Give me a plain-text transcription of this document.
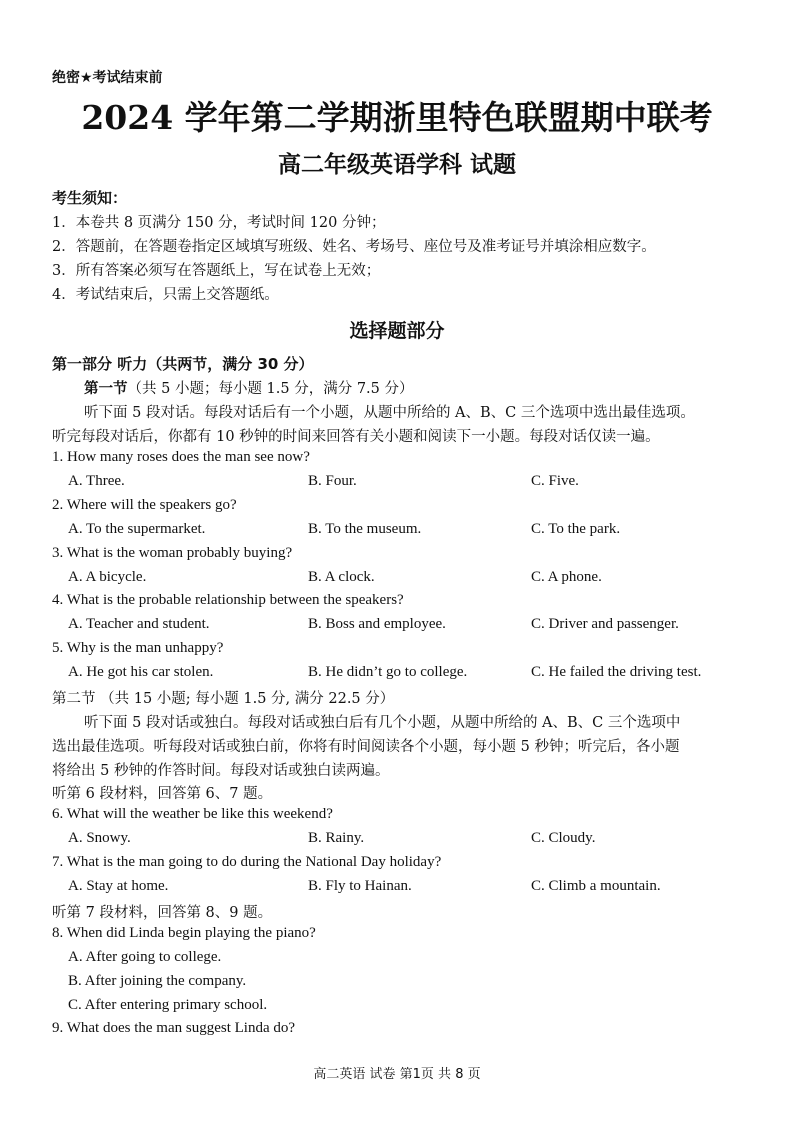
绝密★考试结束前
2024 学年第二学期浙里特色联盟期中联考
高二年级英语学科 试题
考生须知：
1．本卷共 8 页满分 150 分，考试时间 120 分钟；
2．答题前，在答题卷指定区域填写班级、姓名、考场号、座位号及准考证号并填涂相应数字。
3．所有答案必须写在答题纸上，写在试卷上无效；
4．考试结束后，只需上交答题纸。
选择题部分
第一部分 听力（共两节，满分 30 分）
第一节（共 5 小题；每小题 1.5 分，满分 7.5 分）
听下面 5 段对话。每段对话后有一个小题，从题中所给的 A、B、C 三个选项中选出最佳选项。
听完每段对话后，你都有 10 秒钟的时间来回答有关小题和阅读下一小题。每段对话仅读一遍。
1. How many roses does the man see now?
A. Three.	B. Four.	C. Five.
2. Where will the speakers go?
A. To the supermarket.	B. To the museum.	C. To the park.
3. What is the woman probably buying?
A. A bicycle.	B. A clock.	C. A phone.
4. What is the probable relationship between the speakers?
A. Teacher and student.	B. Boss and employee.	C. Driver and passenger.
5. Why is the man unhappy?
A. He got his car stolen.	B. He didn’t go to college.	C. He failed the driving test.
第二节 （共 15 小题; 每小题 1.5 分, 满分 22.5 分）
听下面 5 段对话或独白。每段对话或独白后有几个小题，从题中所给的 A、B、C 三个选项中
选出最佳选项。听每段对话或独白前，你将有时间阅读各个小题，每小题 5 秒钟；听完后，各小题
将给出 5 秒钟的作答时间。每段对话或独白读两遍。
听第 6 段材料，回答第 6、7 题。
6. What will the weather be like this weekend?
A. Snowy.	B. Rainy.	C. Cloudy.
7. What is the man going to do during the National Day holiday?
A. Stay at home.	B. Fly to Hainan.	C. Climb a mountain.
听第 7 段材料，回答第 8、9 题。
8. When did Linda begin playing the piano?
A. After going to college.
B. After joining the company.
C. After entering primary school.
9. What does the man suggest Linda do?
高二英语 试卷 第1页 共 8 页
